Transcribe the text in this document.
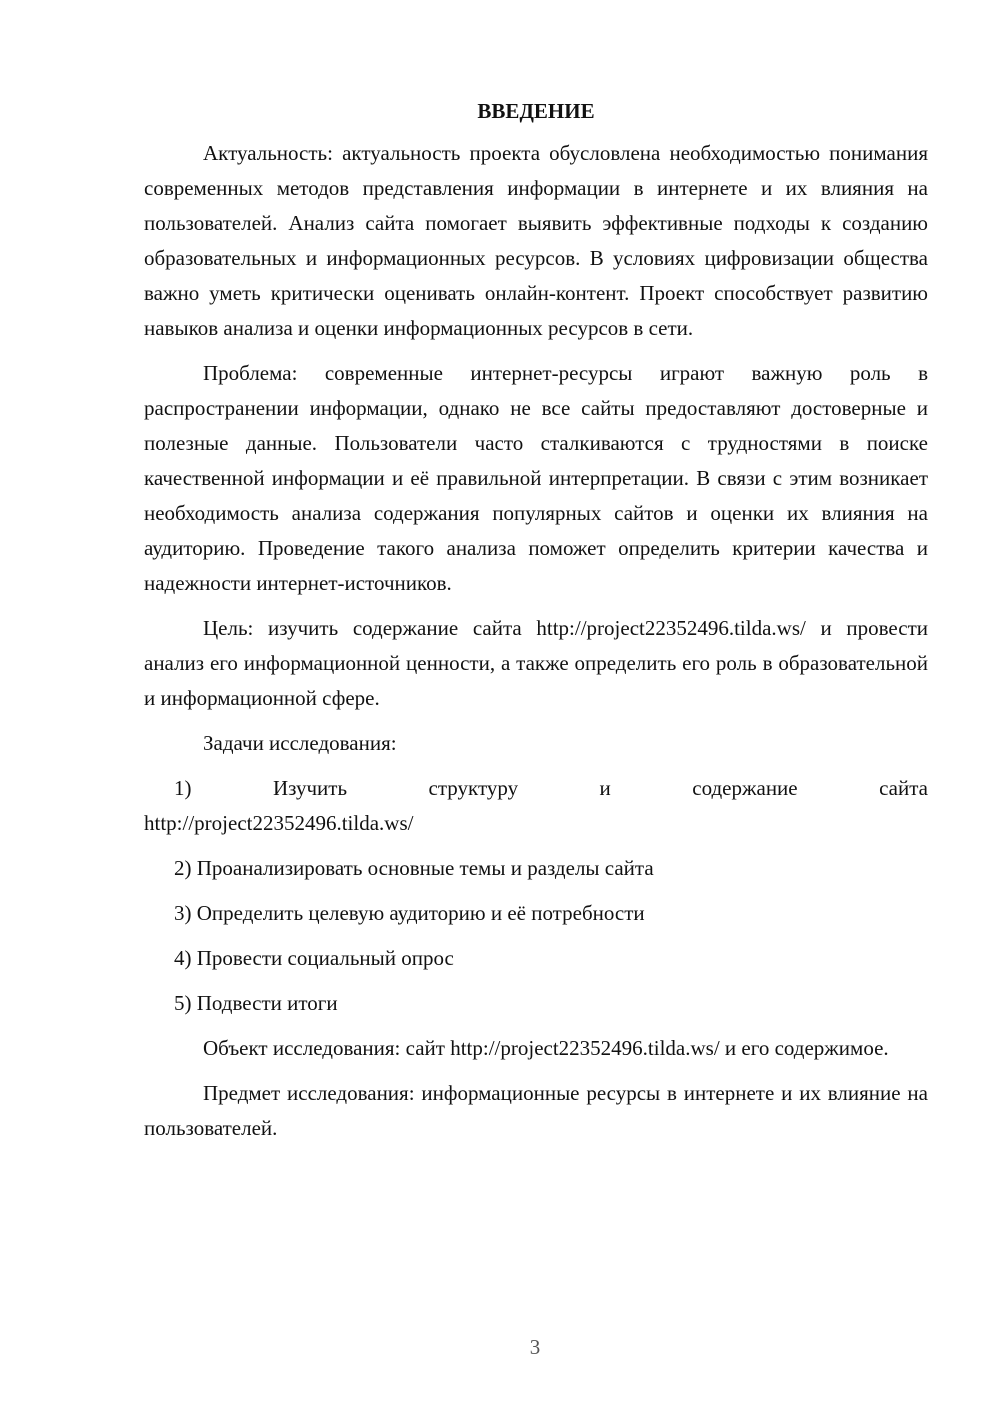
ВВЕДЕНИЕ

Актуальность: актуальность проекта обусловлена необходимостью понимания современных методов представления информации в интернете и их влияния на пользователей. Анализ сайта помогает выявить эффективные подходы к созданию образовательных и информационных ресурсов. В условиях цифровизации общества важно уметь критически оценивать онлайн-контент. Проект способствует развитию навыков анализа и оценки информационных ресурсов в сети.

Проблема: современные интернет-ресурсы играют важную роль в распространении информации, однако не все сайты предоставляют достоверные и полезные данные. Пользователи часто сталкиваются с трудностями в поиске качественной информации и её правильной интерпретации. В связи с этим возникает необходимость анализа содержания популярных сайтов и оценки их влияния на аудиторию. Проведение такого анализа поможет определить критерии качества и надежности интернет-источников.

Цель: изучить содержание сайта http://project22352496.tilda.ws/ и провести анализ его информационной ценности, а также определить его роль в образовательной и информационной сфере.

Задачи исследования:

1) Изучить структуру и содержание сайта

http://project22352496.tilda.ws/

2) Проанализировать основные темы и разделы сайта

3) Определить целевую аудиторию и её потребности

4) Провести социальный опрос

5) Подвести итоги

Объект исследования: сайт http://project22352496.tilda.ws/ и его содержимое.

Предмет исследования: информационные ресурсы в интернете и их влияние на пользователей.

3
